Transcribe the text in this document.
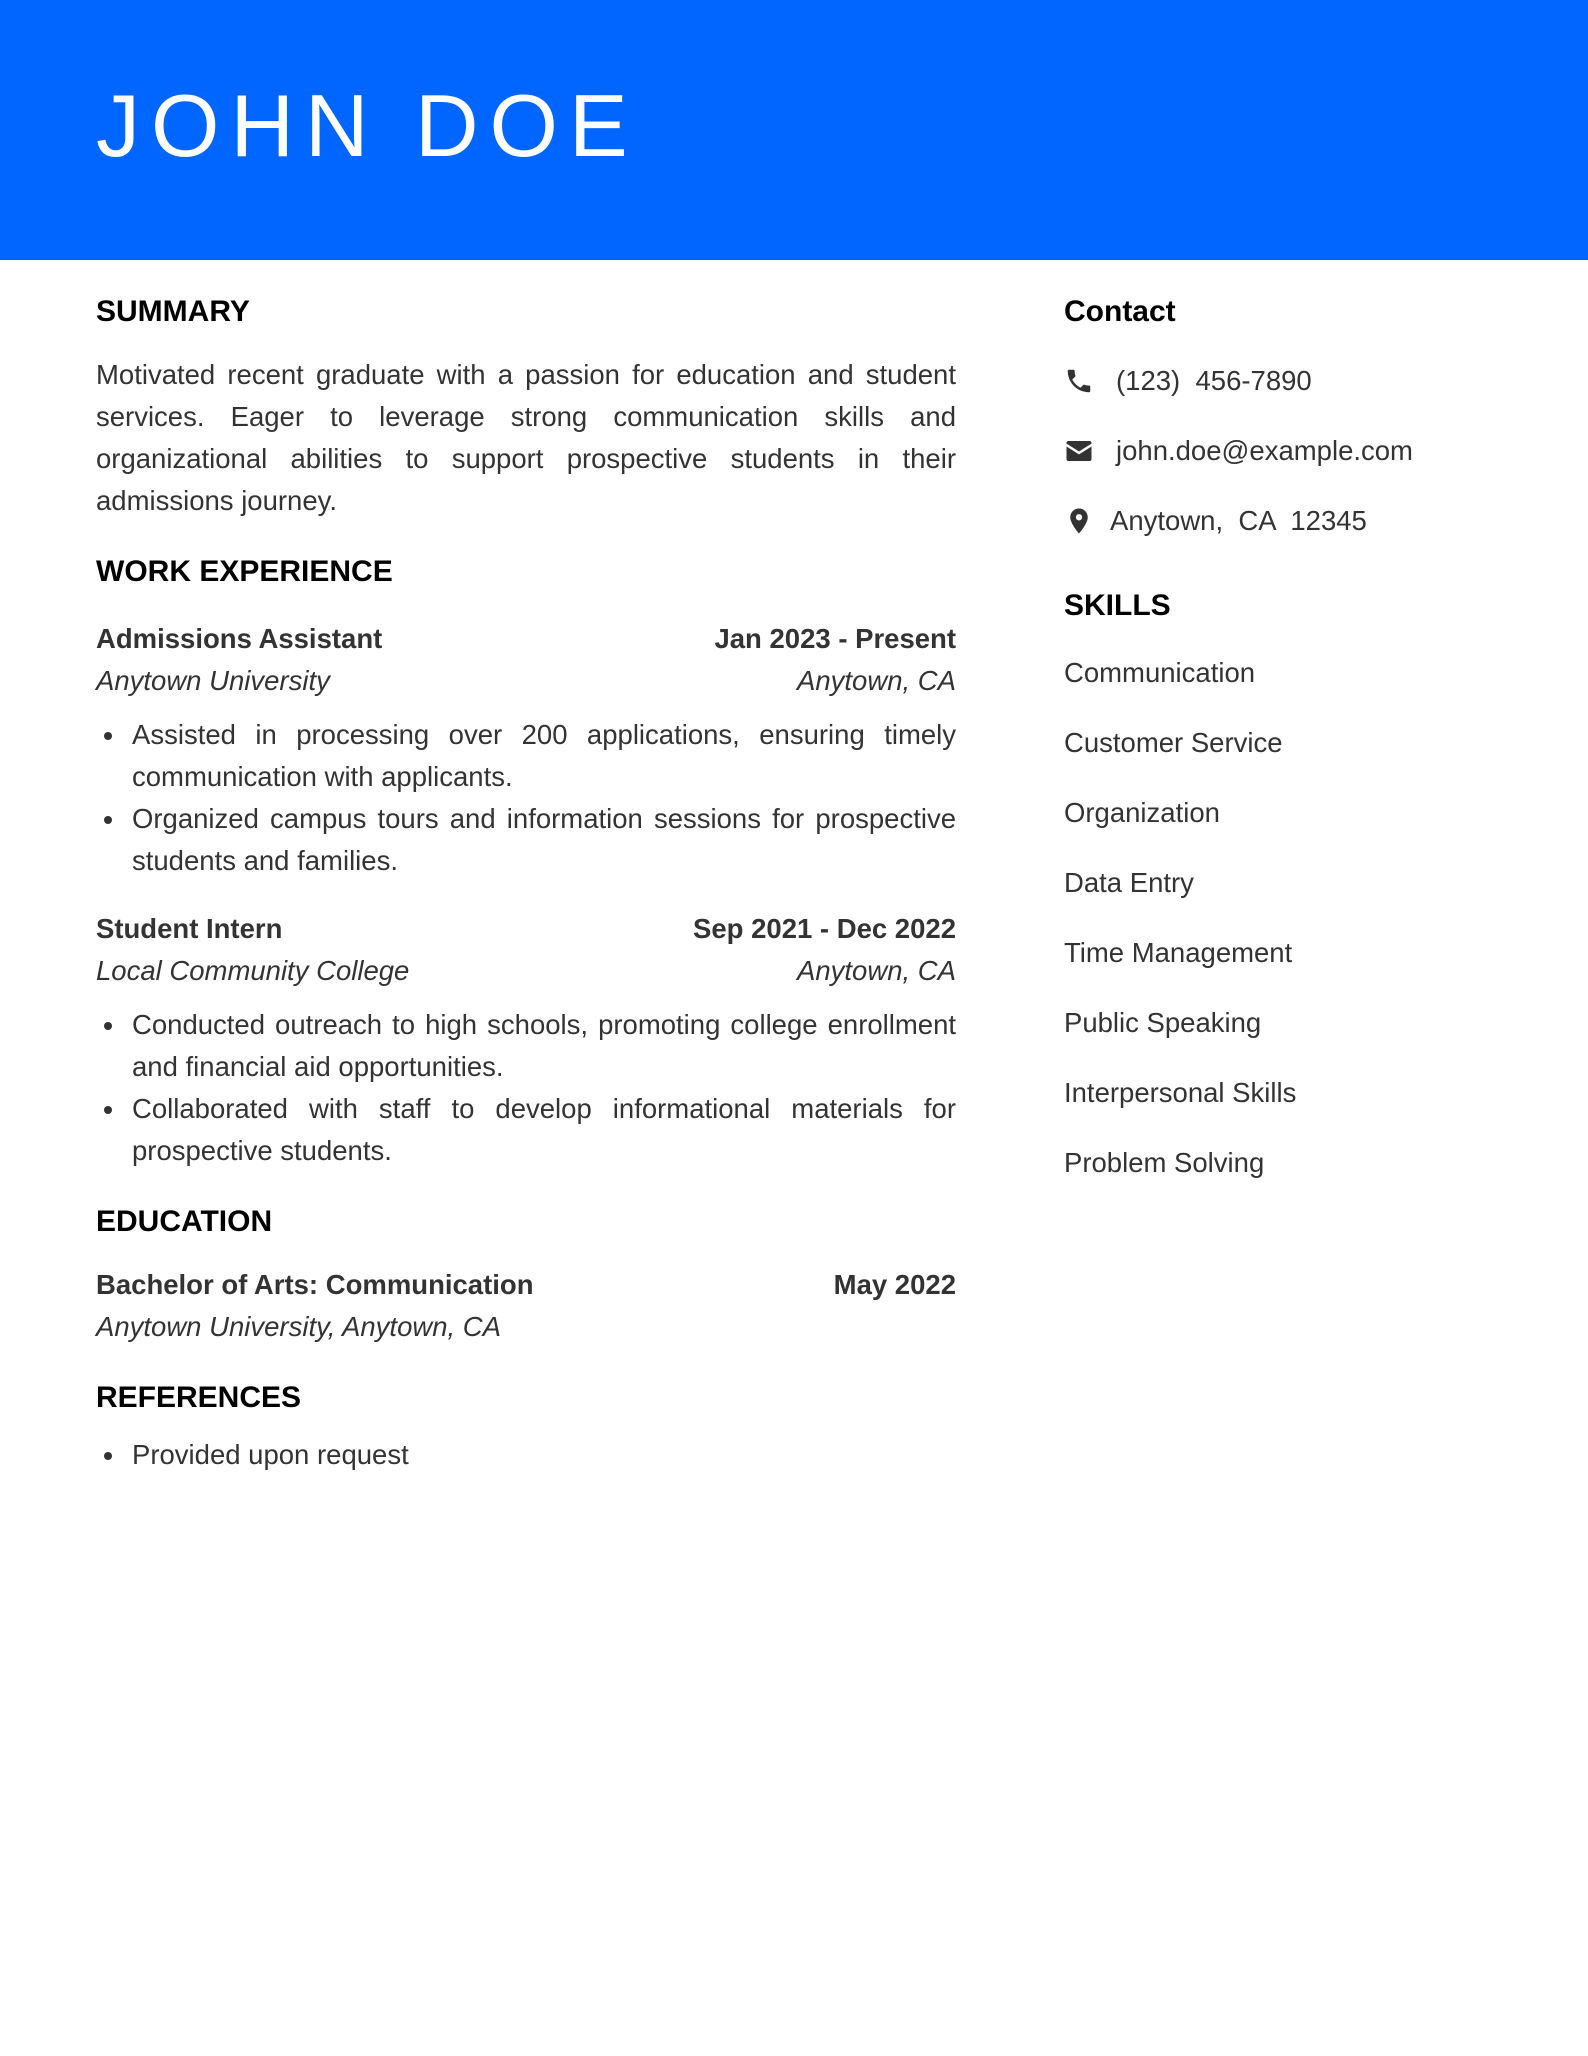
JOHN DOE
SUMMARY

Motivated recent graduate with a passion for education and student services. Eager to leverage strong communication skills and organizational abilities to support prospective students in their admissions journey.

WORK EXPERIENCE
Admissions Assistant	Jan 2023 - Present
Anytown University	Anytown, CA
Assisted in processing over 200 applications, ensuring timely communication with applicants.
Organized campus tours and information sessions for prospective students and families.
Student Intern	Sep 2021 - Dec 2022
Local Community College	Anytown, CA
Conducted outreach to high schools, promoting college enrollment and financial aid opportunities.
Collaborated with staff to develop informational materials for prospective students.
EDUCATION
Bachelor of Arts: Communication	May 2022
Anytown University, Anytown, CA
REFERENCES
Provided upon request
Contact
(123)  456-7890
john.doe@example.com
Anytown,  CA  12345
SKILLS
Communication
Customer Service
Organization
Data Entry
Time Management
Public Speaking
Interpersonal Skills
Problem Solving
